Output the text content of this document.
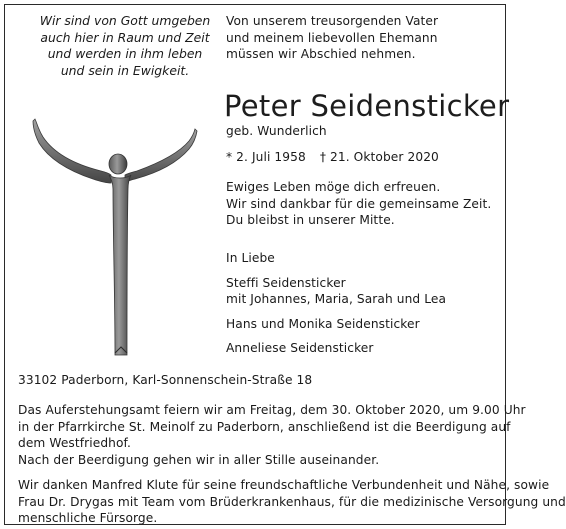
Wir sind von Gott umgeben
auch hier in Raum und Zeit
und werden in ihm leben
und sein in Ewigkeit.
Von unserem treusorgenden Vater
und meinem liebevollen Ehemann
müssen wir Abschied nehmen.
Peter Seidensticker
geb. Wunderlich
* 2. Juli 1958 † 21. Oktober 2020
Ewiges Leben möge dich erfreuen.
Wir sind dankbar für die gemeinsame Zeit.
Du bleibst in unserer Mitte.
In Liebe
Steffi Seidensticker
mit Johannes, Maria, Sarah und Lea
Hans und Monika Seidensticker
Anneliese Seidensticker
33102 Paderborn, Karl-Sonnenschein-Straße 18
Das Auferstehungsamt feiern wir am Freitag, dem 30. Oktober 2020, um 9.00 Uhr
in der Pfarrkirche St. Meinolf zu Paderborn, anschließend ist die Beerdigung auf
dem Westfriedhof.
Nach der Beerdigung gehen wir in aller Stille auseinander.
Wir danken Manfred Klute für seine freundschaftliche Verbundenheit und Nähe, sowie
Frau Dr. Drygas mit Team vom Brüderkrankenhaus, für die medizinische Versorgung und
menschliche Fürsorge.
